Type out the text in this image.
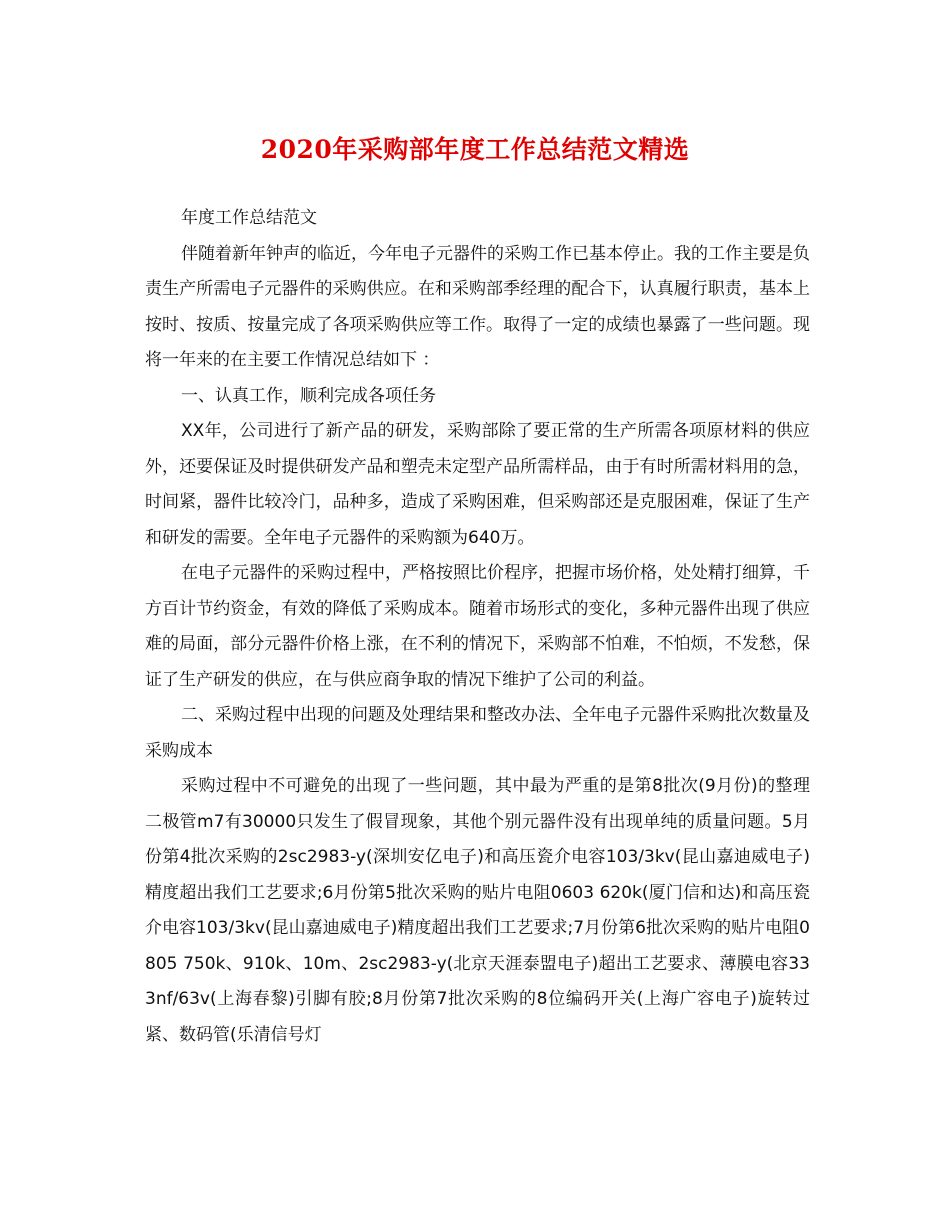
2020年采购部年度工作总结范文精选

年度工作总结范文

伴随着新年钟声的临近，今年电子元器件的采购工作已基本停止。我的工作主要是负责生产所需电子元器件的采购供应。在和采购部季经理的配合下，认真履行职责，基本上按时、按质、按量完成了各项采购供应等工作。取得了一定的成绩也暴露了一些问题。现将一年来的在主要工作情况总结如下 ：

一、认真工作，顺利完成各项任务

XX年，公司进行了新产品的研发，采购部除了要正常的生产所需各项原材料的供应外，还要保证及时提供研发产品和塑壳未定型产品所需样品，由于有时所需材料用的急，时间紧，器件比较冷门，品种多，造成了采购困难，但采购部还是克服困难，保证了生产和研发的需要。全年电子元器件的采购额为640万。

在电子元器件的采购过程中，严格按照比价程序，把握市场价格，处处精打细算，千方百计节约资金，有效的降低了采购成本。随着市场形式的变化，多种元器件出现了供应难的局面，部分元器件价格上涨，在不利的情况下，采购部不怕难，不怕烦，不发愁，保证了生产研发的供应，在与供应商争取的情况下维护了公司的利益。

二、采购过程中出现的问题及处理结果和整改办法、全年电子元器件采购批次数量及采购成本

采购过程中不可避免的出现了一些问题，其中最为严重的是第8批次(9月份)的整理二极管m7有30000只发生了假冒现象，其他个别元器件没有出现单纯的质量问题。5月份第4批次采购的2sc2983-y(深圳安亿电子)和高压瓷介电容103/3kv(昆山嘉迪威电子)精度超出我们工艺要求;6月份第5批次采购的贴片电阻0603 620k(厦门信和达)和高压瓷介电容103/3kv(昆山嘉迪威电子)精度超出我们工艺要求;7月份第6批次采购的贴片电阻0805 750k、910k、10m、2sc2983-y(北京天涯泰盟电子)超出工艺要求、薄膜电容333nf/63v(上海春黎)引脚有胶;8月份第7批次采购的8位编码开关(上海广容电子)旋转过紧、数码管(乐清信号灯
